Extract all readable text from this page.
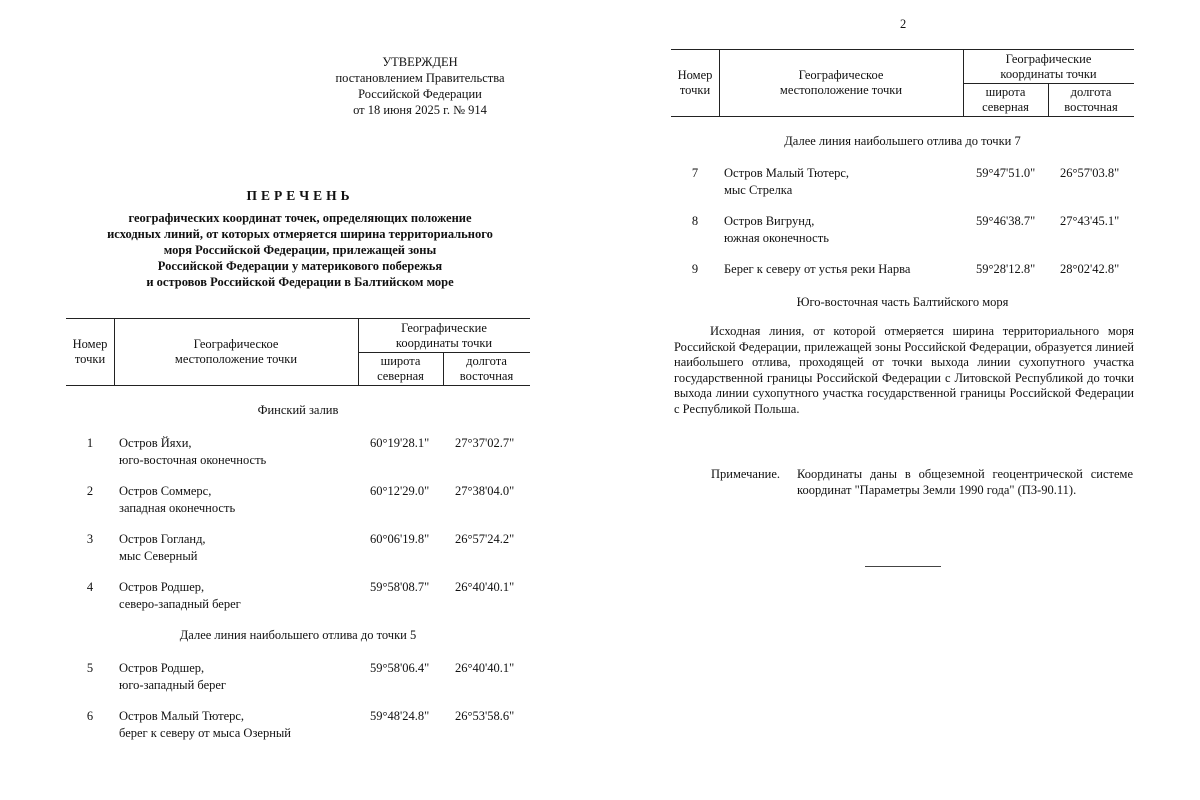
УТВЕРЖДЕН
постановлением Правительства
Российской Федерации
от 18 июня 2025 г. № 914
ПЕРЕЧЕНЬ
географических координат точек, определяющих положение
исходных линий, от которых отмеряется ширина территориального
моря Российской Федерации, прилежащей зоны
Российской Федерации у материкового побережья
и островов Российской Федерации в Балтийском море
Номер
точки
Географическое
местоположение точки
Географические
координаты точки
широта
северная
долгота
восточная
Финский залив
1	Остров Йяхи,
юго-восточная оконечность
60°19'28.1" 27°37'02.7"
2	Остров Соммерс,
западная оконечность
60°12'29.0" 27°38'04.0"
3	Остров Гогланд,
мыс Северный
60°06'19.8" 26°57'24.2"
4	Остров Родшер,
северо-западный берег
59°58'08.7" 26°40'40.1"
Далее линия наибольшего отлива до точки 5
5	Остров Родшер,
юго-западный берег
59°58'06.4" 26°40'40.1"
6	Остров Малый Тютерс,
берег к северу от мыса Озерный
59°48'24.8" 26°53'58.6"
2
Номер
точки
Географическое
местоположение точки
Географические
координаты точки
широта
северная
долгота
восточная
Далее линия наибольшего отлива до точки 7
7	Остров Малый Тютерс,
мыс Стрелка
59°47'51.0" 26°57'03.8"
8	Остров Вигрунд,
южная оконечность
59°46'38.7" 27°43'45.1"
9	Берег к северу от устья реки Нарва	59°28'12.8" 28°02'42.8"
Юго-восточная часть Балтийского моря
Исходная линия, от которой отмеряется ширина территориального моря Российской Федерации, прилежащей зоны Российской Федерации, образуется линией наибольшего отлива, проходящей от точки выхода линии сухопутного участка государственной границы Российской Федерации с Литовской Республикой до точки выхода линии сухопутного участка государственной границы Российской Федерации с Республикой Польша.
Примечание. Координаты даны в общеземной геоцентрической системе координат "Параметры Земли 1990 года" (ПЗ-90.11).
